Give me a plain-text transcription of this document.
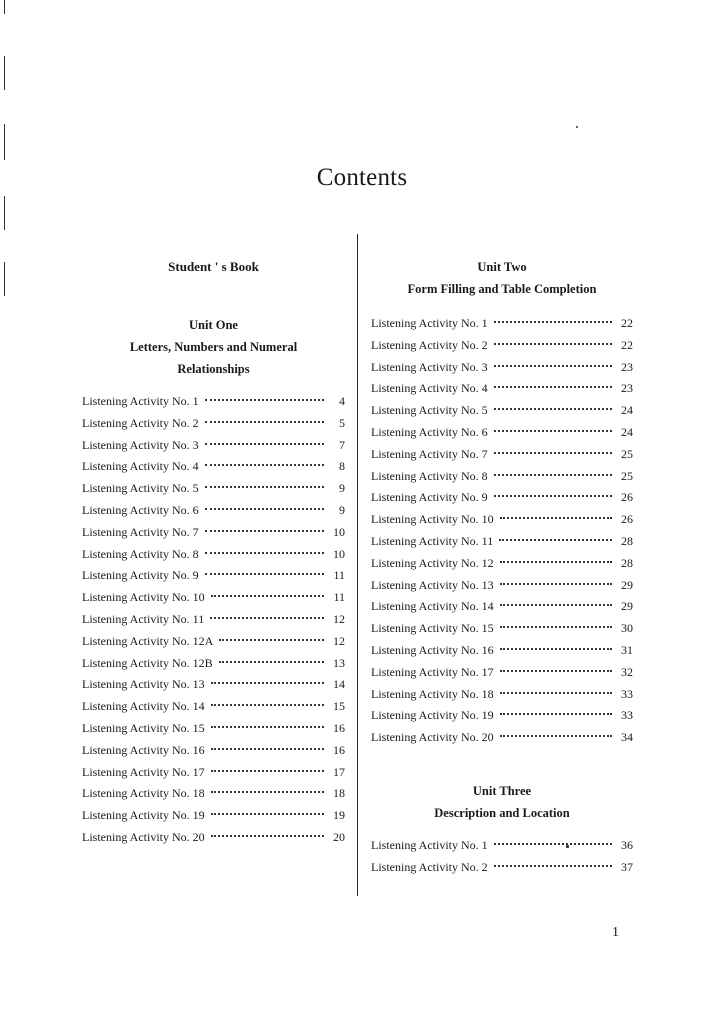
Contents
Student ' s Book
Unit One
Letters, Numbers and Numeral
Relationships
Listening Activity No. 1	4
Listening Activity No. 2	5
Listening Activity No. 3	7
Listening Activity No. 4	8
Listening Activity No. 5	9
Listening Activity No. 6	9
Listening Activity No. 7	10
Listening Activity No. 8	10
Listening Activity No. 9	11
Listening Activity No. 10	11
Listening Activity No. 11	12
Listening Activity No. 12A	12
Listening Activity No. 12B	13
Listening Activity No. 13	14
Listening Activity No. 14	15
Listening Activity No. 15	16
Listening Activity No. 16	16
Listening Activity No. 17	17
Listening Activity No. 18	18
Listening Activity No. 19	19
Listening Activity No. 20	20
Unit Two
Form Filling and Table Completion
Listening Activity No. 1	22
Listening Activity No. 2	22
Listening Activity No. 3	23
Listening Activity No. 4	23
Listening Activity No. 5	24
Listening Activity No. 6	24
Listening Activity No. 7	25
Listening Activity No. 8	25
Listening Activity No. 9	26
Listening Activity No. 10	26
Listening Activity No. 11	28
Listening Activity No. 12	28
Listening Activity No. 13	29
Listening Activity No. 14	29
Listening Activity No. 15	30
Listening Activity No. 16	31
Listening Activity No. 17	32
Listening Activity No. 18	33
Listening Activity No. 19	33
Listening Activity No. 20	34
Unit Three
Description and Location
Listening Activity No. 1	36
Listening Activity No. 2	37
1
